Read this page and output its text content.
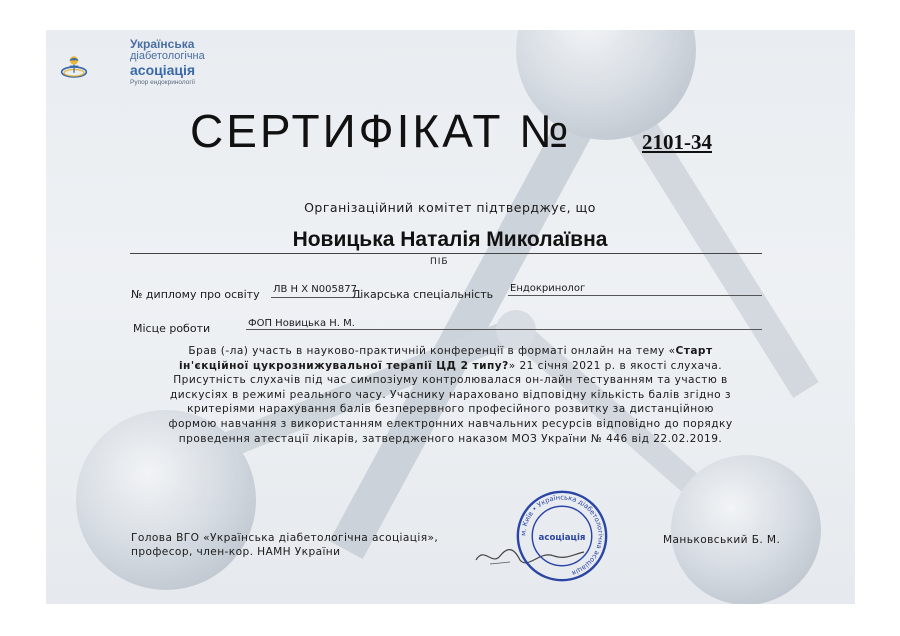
Українська
діабетологічна
асоціація
Рупор ендокринології
СЕРТИФІКАТ №	2101-34
Організаційний комітет підтверджує, що
Новицька Наталія Миколаївна
ПІБ
№ диплому про освіту ЛВ Н Х N005877
Лікарська спеціальність Ендокринолог
Місце роботи	ФОП Новицька Н. М.
Брав (-ла) участь в науково-практичній конференції в форматі онлайн на тему «Старт ін'єкційної цукрознижувальної терапії ЦД 2 типу?» 21 січня 2021 р. в якості слухача. Присутність слухачів під час симпозіуму контролювалася он-лайн тестуванням та участю в дискусіях в режимі реального часу. Учаснику нараховано відповідну кількість балів згідно з критеріями нарахування балів безперервного професійного розвитку за дистанційною формою навчання з використанням електронних навчальних ресурсів відповідно до порядку проведення атестації лікарів, затвердженого наказом МОЗ України № 446 від 22.02.2019.
Голова ВГО «Українська діабетологічна асоціація»,
професор, член-кор. НАМН України
м. Київ • Українська діабетологічна асоціація
асоціація	Маньковський Б. М.
